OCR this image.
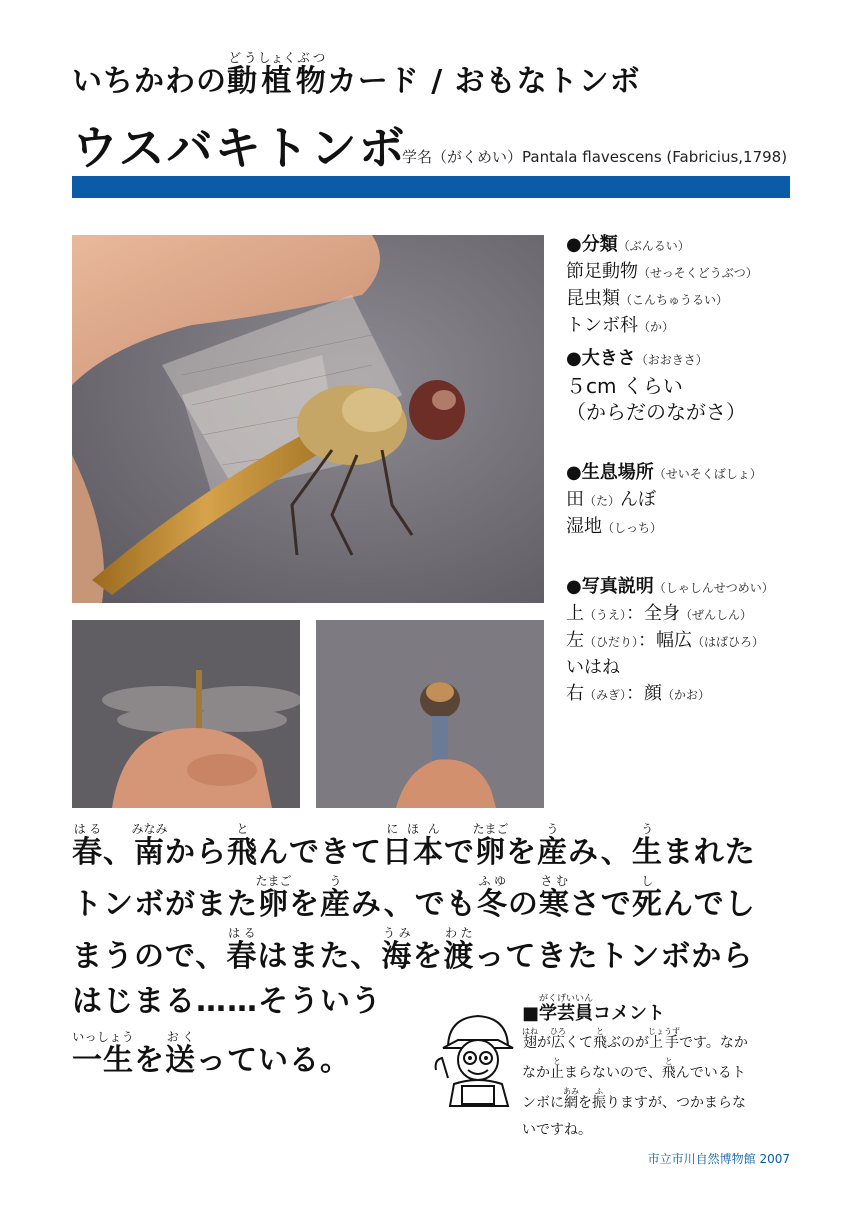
いちかわの動どう植しょく物ぶつカード / おもなトンボ
ウスバキトンボ
学名（がくめい）Pantala flavescens (Fabricius,1798)
●分類（ぶんるい）
節足動物（せっそくどうぶつ）
昆虫類（こんちゅうるい）
トンボ科（か）
●大きさ（おおきさ）
５cm くらい
（からだのながさ）
●生息場所（せいそくばしょ）
田（た）んぼ
湿地（しっち）
●写真説明（しゃしんせつめい）
上（うえ）：全身（ぜんしん）
左（ひだり）：幅広（はばひろ）
いはね
右（みぎ）：顔（かお）
春はる、南みなみから飛とんできて日本にほんで卵たまごを産うみ、生うまれた
トンボがまた卵たまごを産うみ、でも冬ふゆの寒さむさで死しんでし
まうので、春はるはまた、海うみを渡わたってきたトンボから
はじまる……そういう
一生いっしょうを送おくっている。
■学芸員がくげいいんコメント
翅はねが広ひろくて飛とぶのが上手じょうずです。なか
なか止とまらないので、飛とんでいるト
ンボに網あみを振ふりますが、つかまらな
いですね。
市立市川自然博物館 2007
